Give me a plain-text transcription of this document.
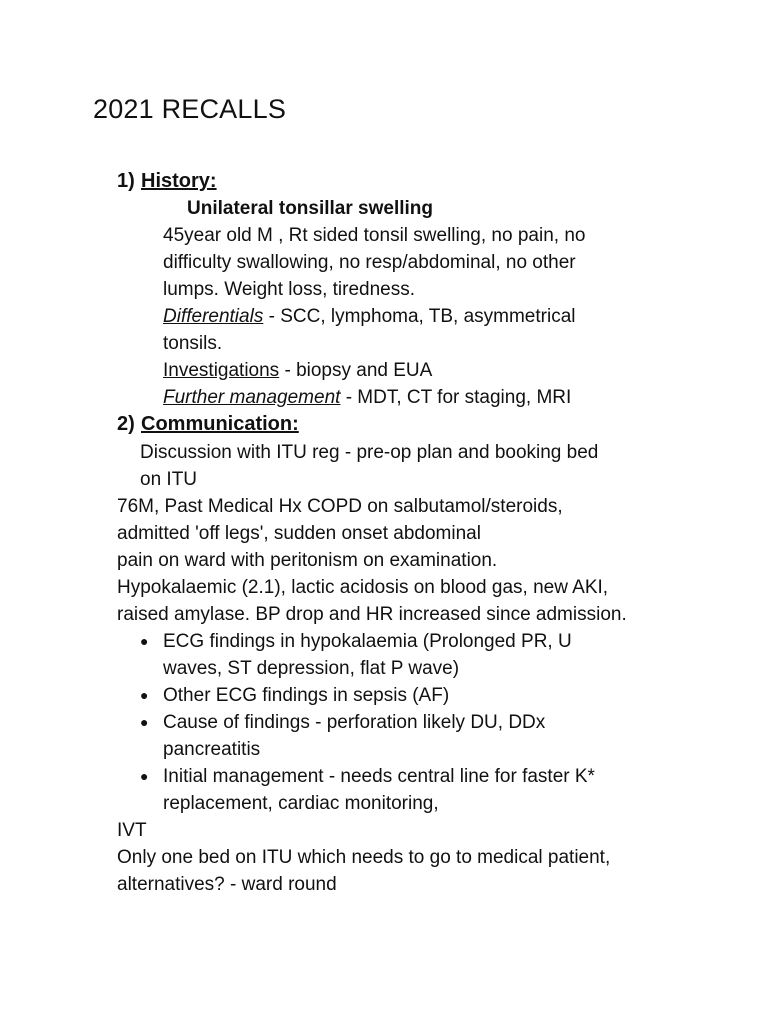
2021 RECALLS
1) History:
Unilateral tonsillar swelling
45year old M , Rt sided tonsil swelling, no pain, no
difficulty swallowing, no resp/abdominal, no other
lumps. Weight loss, tiredness.
Differentials - SCC, lymphoma, TB, asymmetrical
tonsils.
Investigations - biopsy and EUA
Further management - MDT, CT for staging, MRI
2) Communication:
Discussion with ITU reg - pre-op plan and booking bed
on ITU
76M, Past Medical Hx COPD on salbutamol/steroids,
admitted 'off legs', sudden onset abdominal
pain on ward with peritonism on examination.
Hypokalaemic (2.1), lactic acidosis on blood gas, new AKI,
raised amylase. BP drop and HR increased since admission.
● ECG findings in hypokalaemia (Prolonged PR, U
waves, ST depression, flat P wave)
● Other ECG findings in sepsis (AF)
● Cause of findings - perforation likely DU, DDx
pancreatitis
● Initial management - needs central line for faster K*
replacement, cardiac monitoring,
IVT
Only one bed on ITU which needs to go to medical patient,
alternatives? - ward round
